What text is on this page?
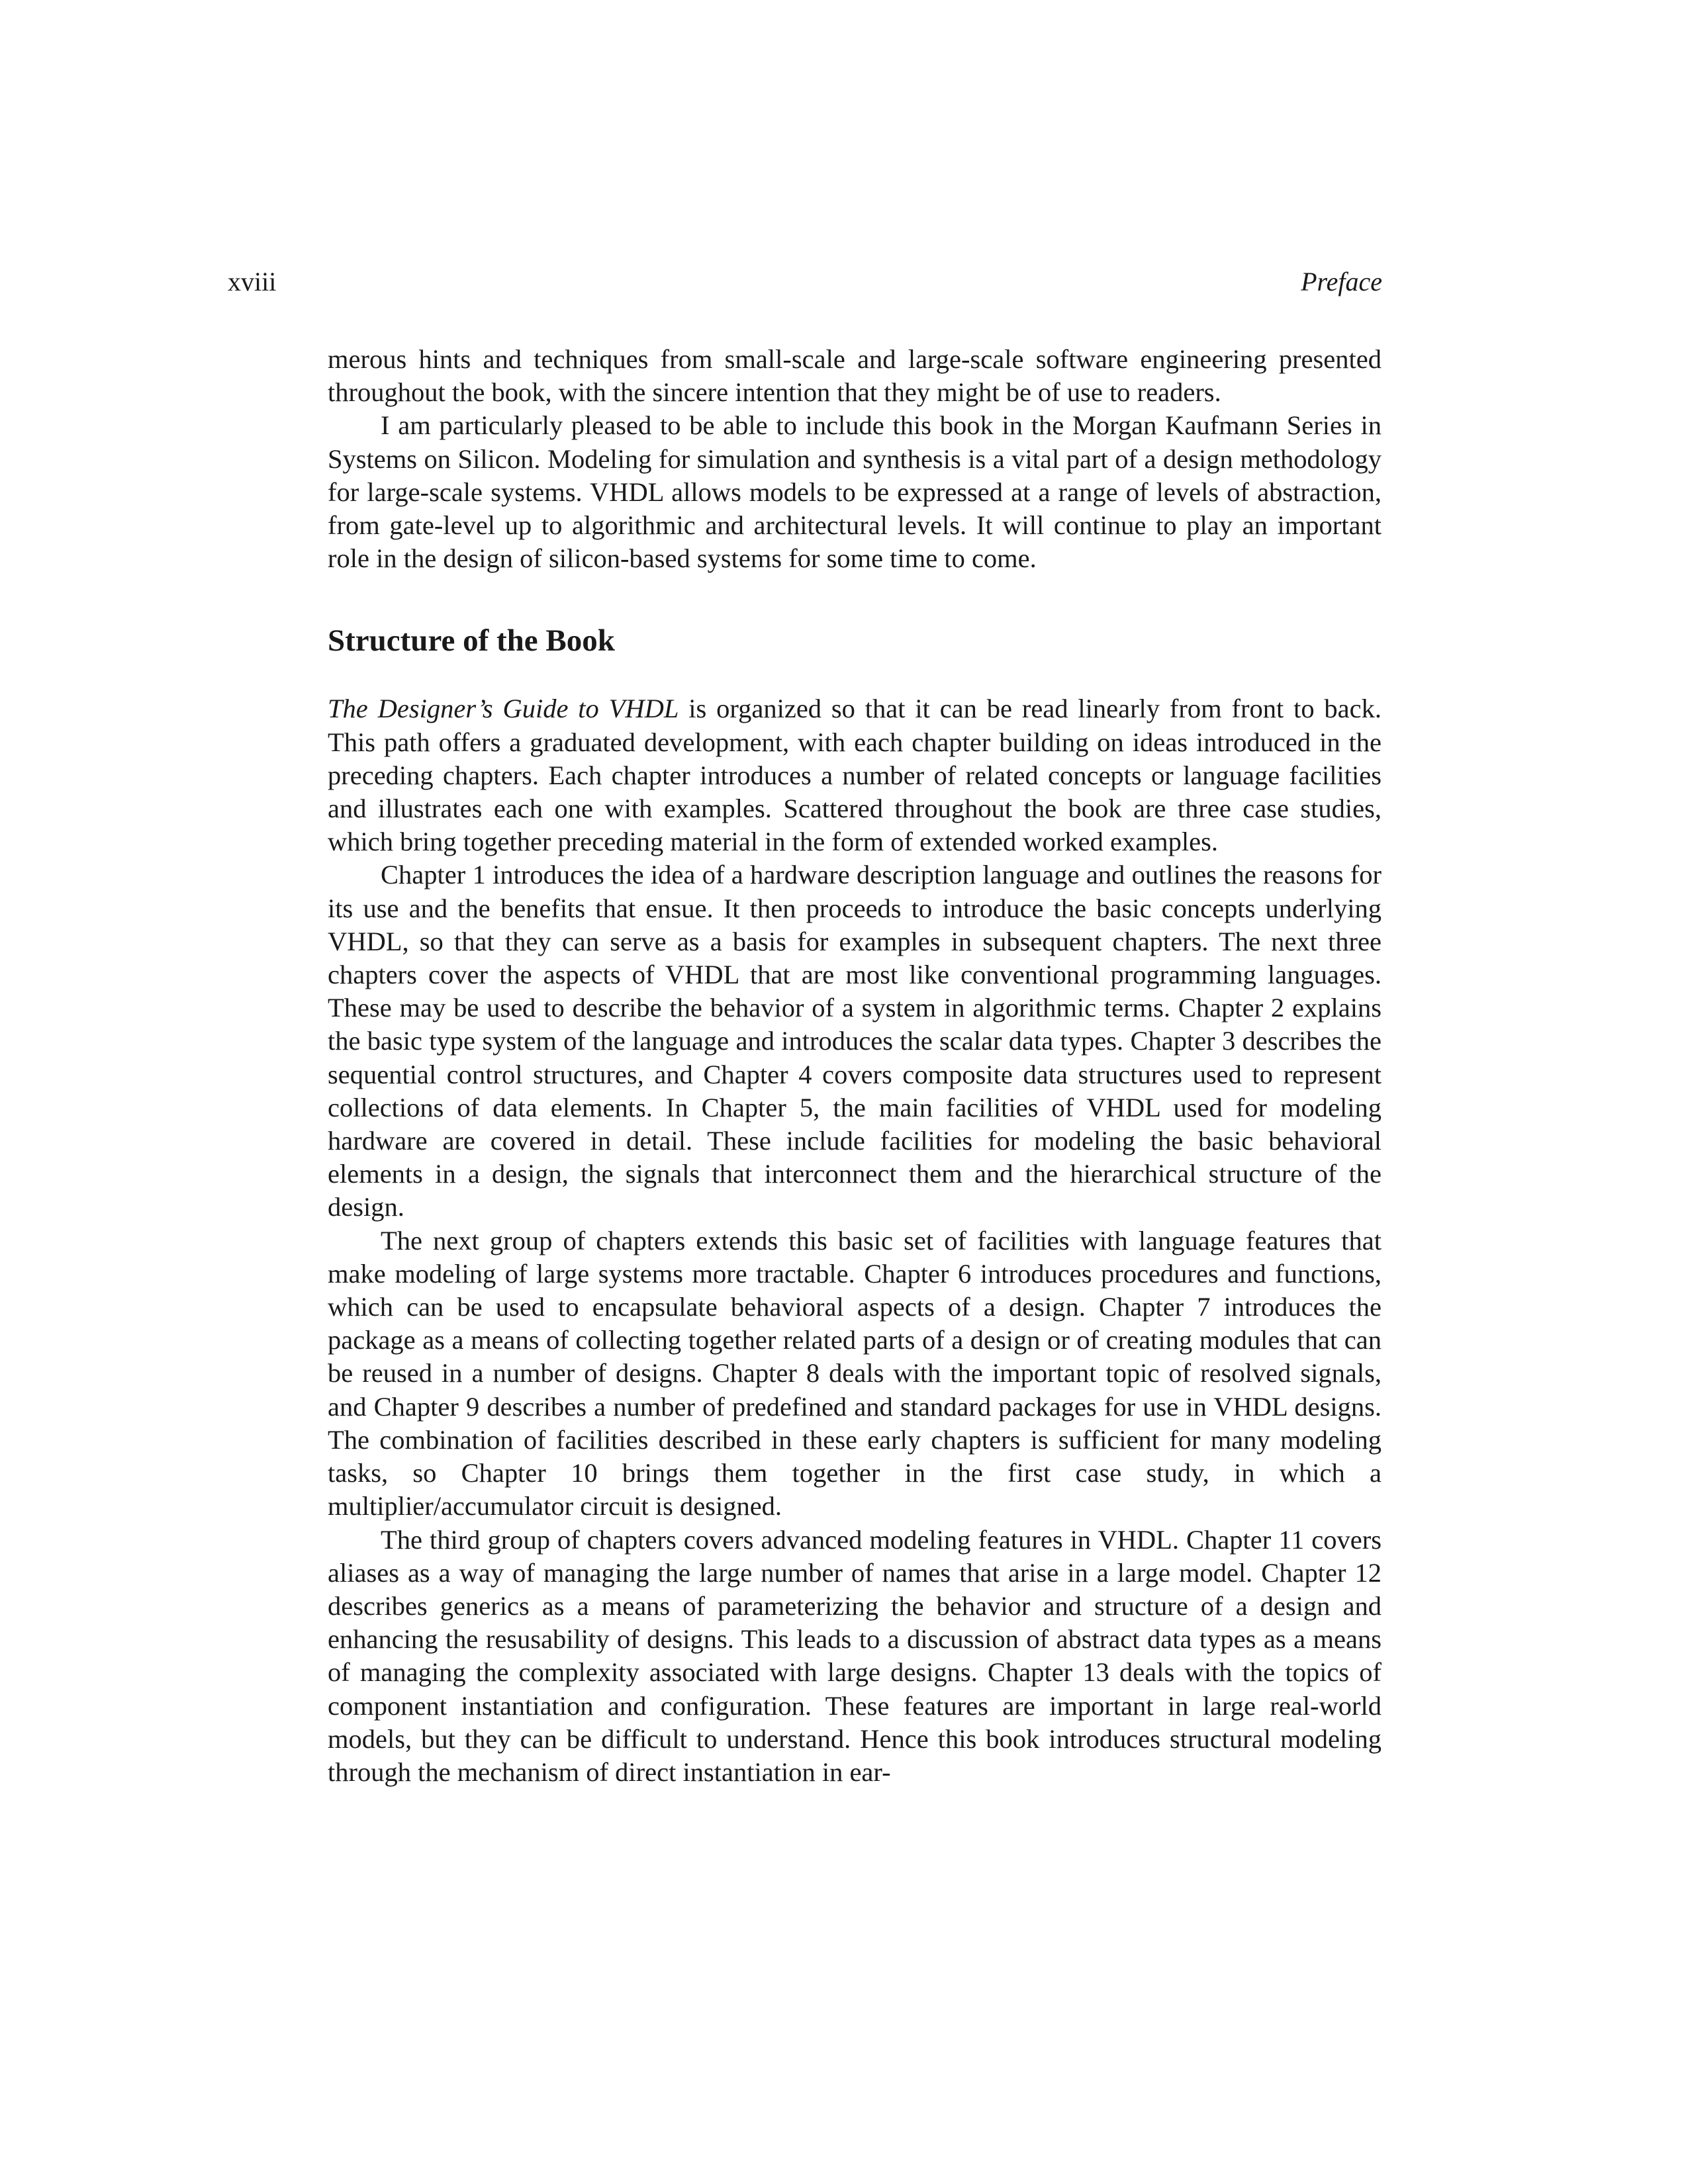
xviii	Preface

merous hints and techniques from small-scale and large-scale software engineering presented throughout the book, with the sincere intention that they might be of use to readers.

I am particularly pleased to be able to include this book in the Morgan Kaufmann Series in Systems on Silicon. Modeling for simulation and synthesis is a vital part of a design methodology for large-scale systems. VHDL allows models to be expressed at a range of levels of abstraction, from gate-level up to algorithmic and architectural levels. It will continue to play an important role in the design of silicon-based systems for some time to come.

Structure of the Book

The Designer’s Guide to VHDL is organized so that it can be read linearly from front to back. This path offers a graduated development, with each chapter building on ideas introduced in the preceding chapters. Each chapter introduces a number of related concepts or language facilities and illustrates each one with examples. Scattered throughout the book are three case studies, which bring together preceding material in the form of extended worked examples.

Chapter 1 introduces the idea of a hardware description language and outlines the reasons for its use and the benefits that ensue. It then proceeds to introduce the basic concepts underlying VHDL, so that they can serve as a basis for examples in subsequent chapters. The next three chapters cover the aspects of VHDL that are most like conventional programming languages. These may be used to describe the behavior of a system in algorithmic terms. Chapter 2 explains the basic type system of the language and introduces the scalar data types. Chapter 3 describes the sequential control structures, and Chapter 4 covers composite data structures used to represent collections of data elements. In Chapter 5, the main facilities of VHDL used for modeling hardware are covered in detail. These include facilities for modeling the basic behavioral elements in a design, the signals that interconnect them and the hierarchical structure of the design.

The next group of chapters extends this basic set of facilities with language features that make modeling of large systems more tractable. Chapter 6 introduces procedures and functions, which can be used to encapsulate behavioral aspects of a design. Chapter 7 introduces the package as a means of collecting together related parts of a design or of creating modules that can be reused in a number of designs. Chapter 8 deals with the important topic of resolved signals, and Chapter 9 describes a number of predefined and standard packages for use in VHDL designs. The combination of facilities described in these early chapters is sufficient for many modeling tasks, so Chapter 10 brings them together in the first case study, in which a multiplier/accumulator circuit is designed.

The third group of chapters covers advanced modeling features in VHDL. Chapter 11 covers aliases as a way of managing the large number of names that arise in a large model. Chapter 12 describes generics as a means of parameterizing the behavior and structure of a design and enhancing the resusability of designs. This leads to a discussion of abstract data types as a means of managing the complexity associated with large designs. Chapter 13 deals with the topics of component instantiation and configuration. These features are important in large real-world models, but they can be difficult to understand. Hence this book introduces structural modeling through the mechanism of direct instantiation in ear-
